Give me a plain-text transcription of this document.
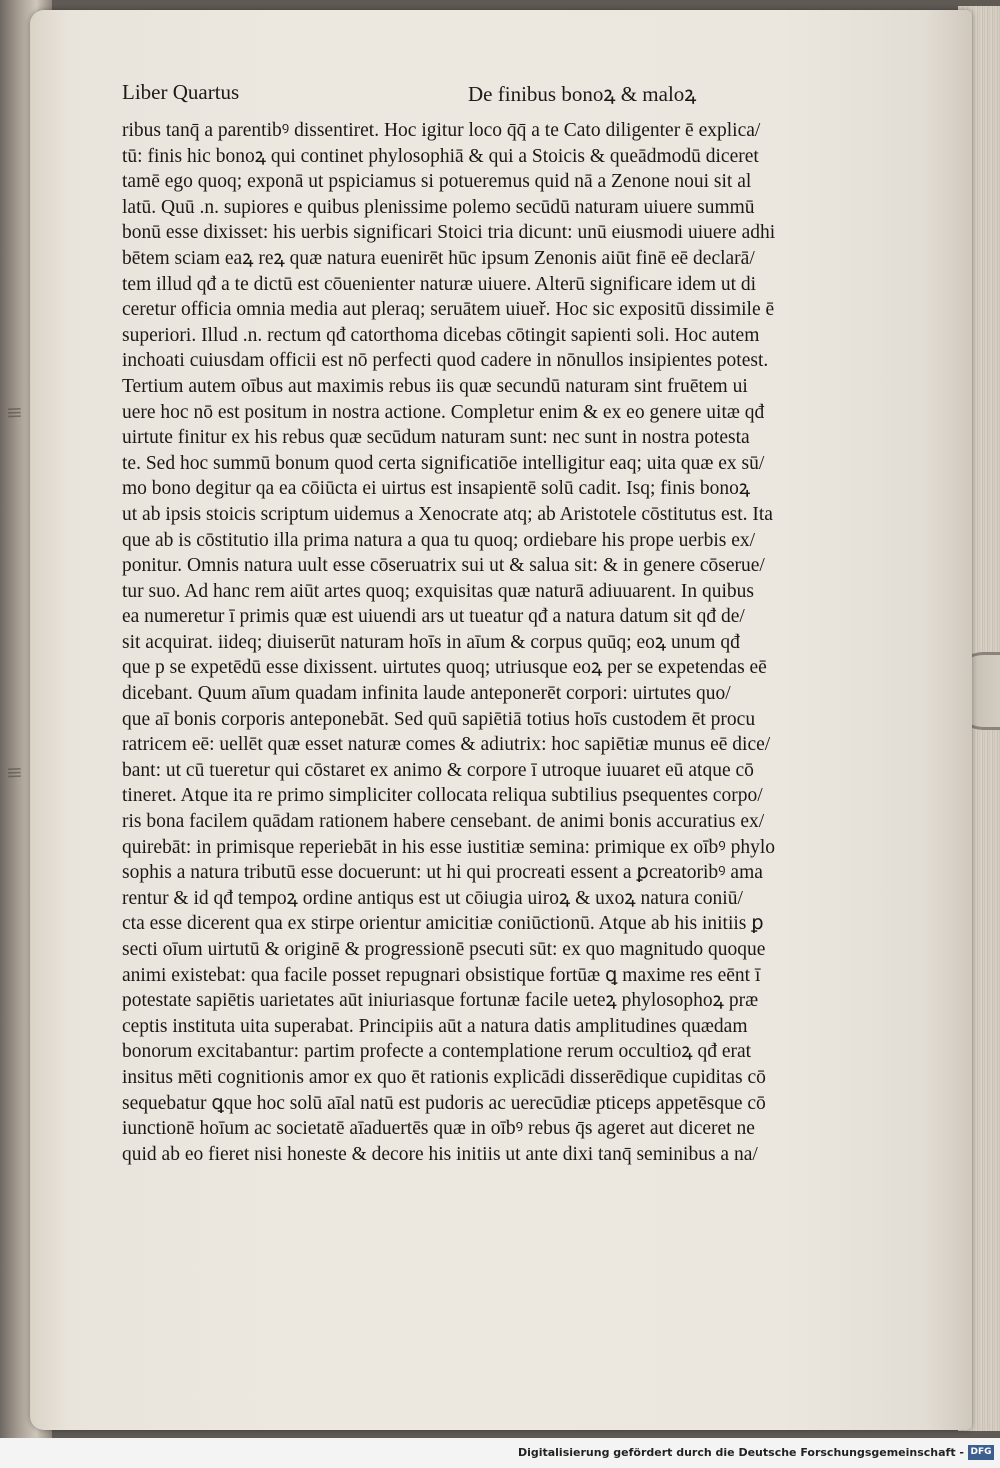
≡
≡
Liber Quartus	De finibus bonoꝝ & maloꝝ
ribus tanq̄ a parentibꝰ dissentiret. Hoc igitur loco q̄q̄ a te Cato diligenter ē explica/
tū: finis hic bonoꝝ qui continet phylosophiā & qui a Stoicis & queādmodū diceret
tamē ego quoq; exponā ut pspiciamus si potueremus quid nā a Zenone noui sit al
latū. Quū .n. supiores e quibus plenissime polemo secūdū naturam uiuere summū
bonū esse dixisset: his uerbis significari Stoici tria dicunt: unū eiusmodi uiuere adhi
bētem sciam eaꝝ reꝝ quæ natura euenirēt hūc ipsum Zenonis aiūt finē eē declarā/
tem illud qđ a te dictū est cōuenienter naturæ uiuere. Alterū significare idem ut di
ceretur officia omnia media aut pleraq; seruātem uiueř. Hoc sic expositū dissimile ē
superiori. Illud .n. rectum qđ catorthoma dicebas cōtingit sapienti soli. Hoc autem
inchoati cuiusdam officii est nō perfecti quod cadere in nōnullos insipientes potest.
Tertium autem oībus aut maximis rebus iis quæ secundū naturam sint fruētem ui
uere hoc nō est positum in nostra actione. Completur enim & ex eo genere uitæ qđ
uirtute finitur ex his rebus quæ secūdum naturam sunt: nec sunt in nostra potesta
te. Sed hoc summū bonum quod certa significatiōe intelligitur eaq; uita quæ ex sū/
mo bono degitur qa ea cōiūcta ei uirtus est insapientē solū cadit. Isq; finis bonoꝝ
ut ab ipsis stoicis scriptum uidemus a Xenocrate atq; ab Aristotele cōstitutus est. Ita
que ab is cōstitutio illa prima natura a qua tu quoq; ordiebare his prope uerbis ex/
ponitur. Omnis natura uult esse cōseruatrix sui ut & salua sit: & in genere cōserue/
tur suo. Ad hanc rem aiūt artes quoq; exquisitas quæ naturā adiuuarent. In quibus
ea numeretur ī primis quæ est uiuendi ars ut tueatur qđ a natura datum sit qđ de/
sit acquirat. iideq; diuiserūt naturam hoīs in aīum & corpus quūq; eoꝝ unum qđ
que p se expetēdū esse dixissent. uirtutes quoq; utriusque eoꝝ per se expetendas eē
dicebant. Quum aīum quadam infinita laude anteponerēt corpori: uirtutes quo/
que aī bonis corporis anteponebāt. Sed quū sapiētiā totius hoīs custodem ēt procu
ratricem eē: uellēt quæ esset naturæ comes & adiutrix: hoc sapiētiæ munus eē dice/
bant: ut cū tueretur qui cōstaret ex animo & corpore ī utroque iuuaret eū atque cō
tineret. Atque ita re primo simpliciter collocata reliqua subtilius psequentes corpo/
ris bona facilem quādam rationem habere censebant. de animi bonis accuratius ex/
quirebāt: in primisque reperiebāt in his esse iustitiæ semina: primique ex oībꝰ phylo
sophis a natura tributū esse docuerunt: ut hi qui procreati essent a ꝑcreatoribꝰ ama
rentur & id qđ tempoꝝ ordine antiqus est ut cōiugia uiroꝝ & uxoꝝ natura coniū/
cta esse dicerent qua ex stirpe orientur amicitiæ coniūctionū. Atque ab his initiis ꝑ
secti oīum uirtutū & originē & progressionē psecuti sūt: ex quo magnitudo quoque
animi existebat: qua facile posset repugnari obsistique fortūæ ꝗ maxime res eēnt ī
potestate sapiētis uarietates aūt iniuriasque fortunæ facile ueteꝝ phylosophoꝝ præ
ceptis instituta uita superabat. Principiis aūt a natura datis amplitudines quædam
bonorum excitabantur: partim profecte a contemplatione rerum occultioꝝ qđ erat
insitus mēti cognitionis amor ex quo ēt rationis explicādi disserēdique cupiditas cō
sequebatur ꝗque hoc solū aīal natū est pudoris ac uerecūdiæ pticeps appetēsque cō
iunctionē hoīum ac societatē aīaduertēs quæ in oībꝰ rebus q̄s ageret aut diceret ne
quid ab eo fieret nisi honeste & decore his initiis ut ante dixi tanq̄ seminibus a na/
Digitalisierung gefördert durch die Deutsche Forschungsgemeinschaft - DFG
